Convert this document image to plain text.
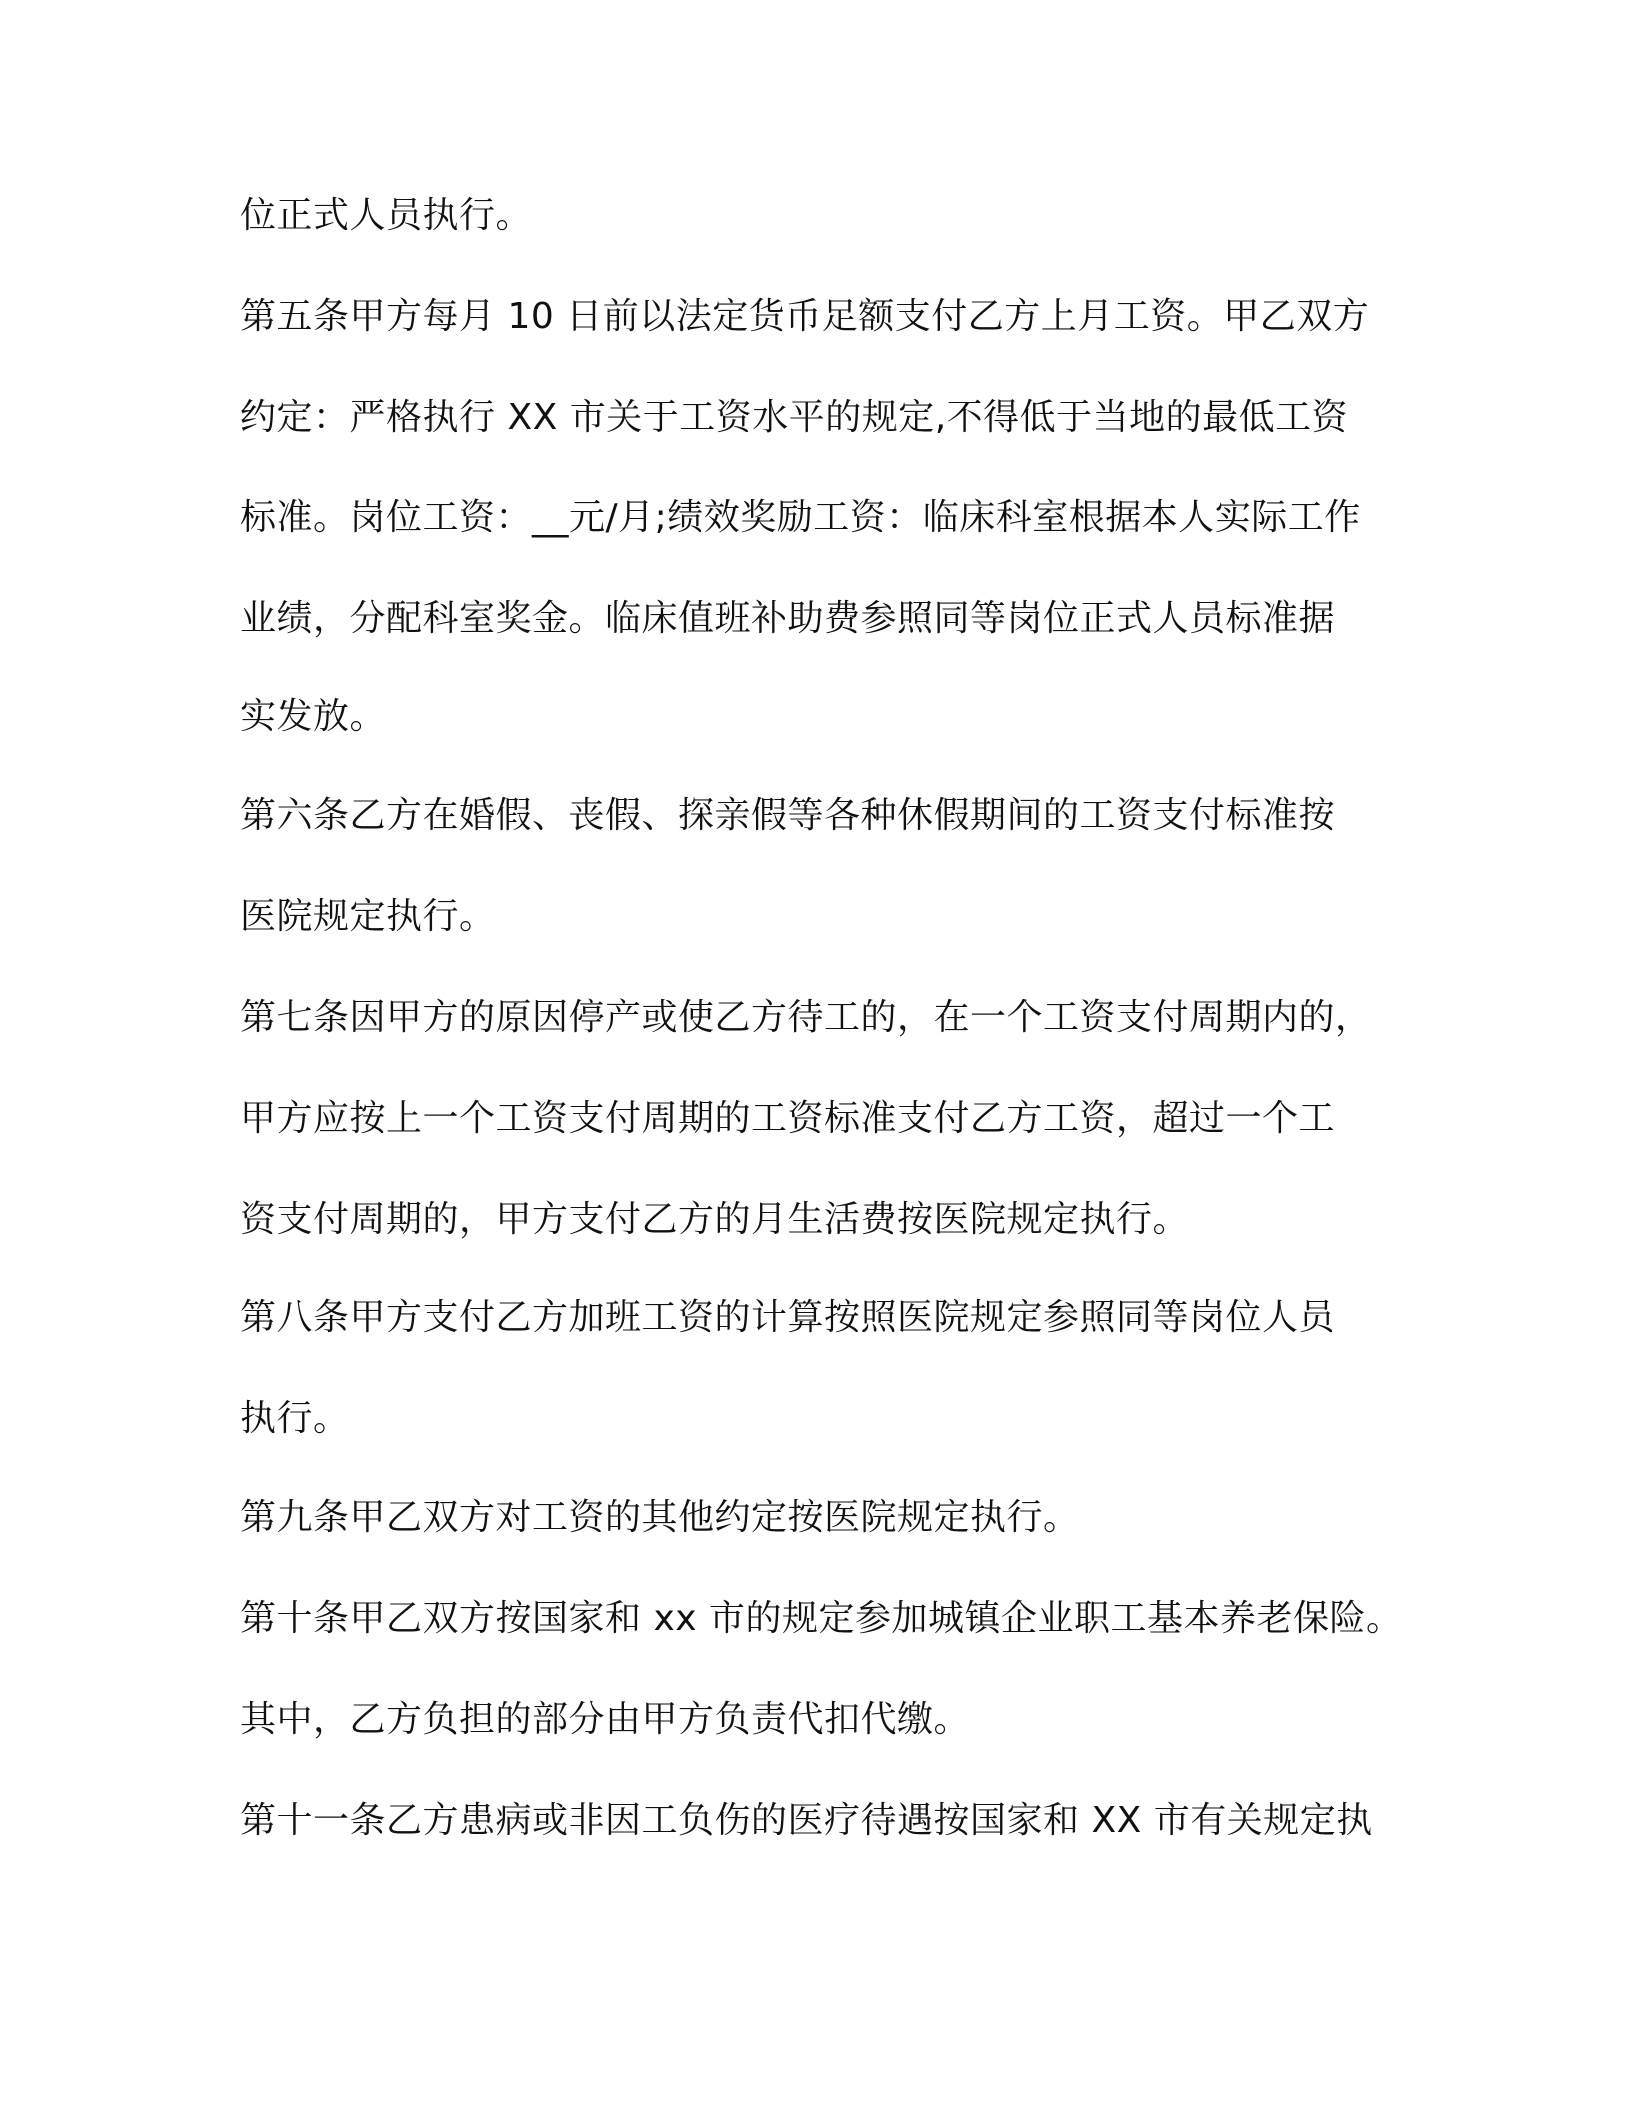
位正式人员执行。
第五条甲方每月 10 日前以法定货币足额支付乙方上月工资。甲乙双方
约定：严格执行 XX 市关于工资水平的规定,不得低于当地的最低工资
标准。岗位工资：__元/月;绩效奖励工资：临床科室根据本人实际工作
业绩，分配科室奖金。临床值班补助费参照同等岗位正式人员标准据
实发放。
第六条乙方在婚假、丧假、探亲假等各种休假期间的工资支付标准按
医院规定执行。
第七条因甲方的原因停产或使乙方待工的，在一个工资支付周期内的，
甲方应按上一个工资支付周期的工资标准支付乙方工资，超过一个工
资支付周期的，甲方支付乙方的月生活费按医院规定执行。
第八条甲方支付乙方加班工资的计算按照医院规定参照同等岗位人员
执行。
第九条甲乙双方对工资的其他约定按医院规定执行。
第十条甲乙双方按国家和 xx 市的规定参加城镇企业职工基本养老保险。
其中，乙方负担的部分由甲方负责代扣代缴。
第十一条乙方患病或非因工负伤的医疗待遇按国家和 XX 市有关规定执
